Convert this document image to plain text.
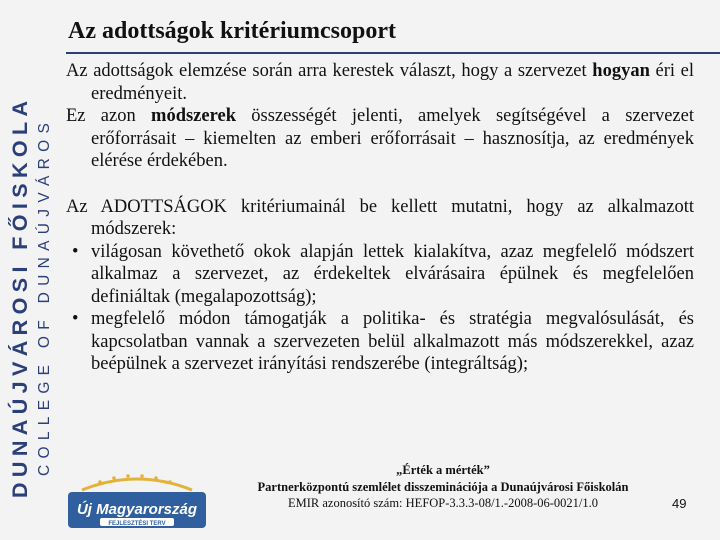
DUNAÚJVÁROSI FŐISKOLA COLLEGE OF DUNAÚJVÁROS
Az adottságok kritériumcsoport

Az adottságok elemzése során arra kerestek választ, hogy a szervezet hogyan éri el eredményeit.

Ez azon módszerek összességét jelenti, amelyek segítségével a szervezet erőforrásait – kiemelten az emberi erőforrásait – hasznosítja, az eredmények elérése érdekében.

Az ADOTTSÁGOK kritériumainál be kellett mutatni, hogy az alkalmazott módszerek:

• világosan követhető okok alapján lettek kialakítva, azaz megfelelő módszert alkalmaz a szervezet, az érdekeltek elvárásaira épülnek és megfelelően definiáltak (megalapozottság);
• megfelelő módon támogatják a politika- és stratégia megvalósulását, és kapcsolatban vannak a szervezeten belül alkalmazott más módszerekkel, azaz beépülnek a szervezet irányítási rendszerébe (integráltság);
Új Magyarország
FEJLESZTÉSI TERV
„Érték a mérték”
Partnerközpontú szemlélet disszeminációja a Dunaújvárosi Főiskolán
EMIR azonosító szám: HEFOP-3.3.3-08/1.-2008-06-0021/1.0	49
